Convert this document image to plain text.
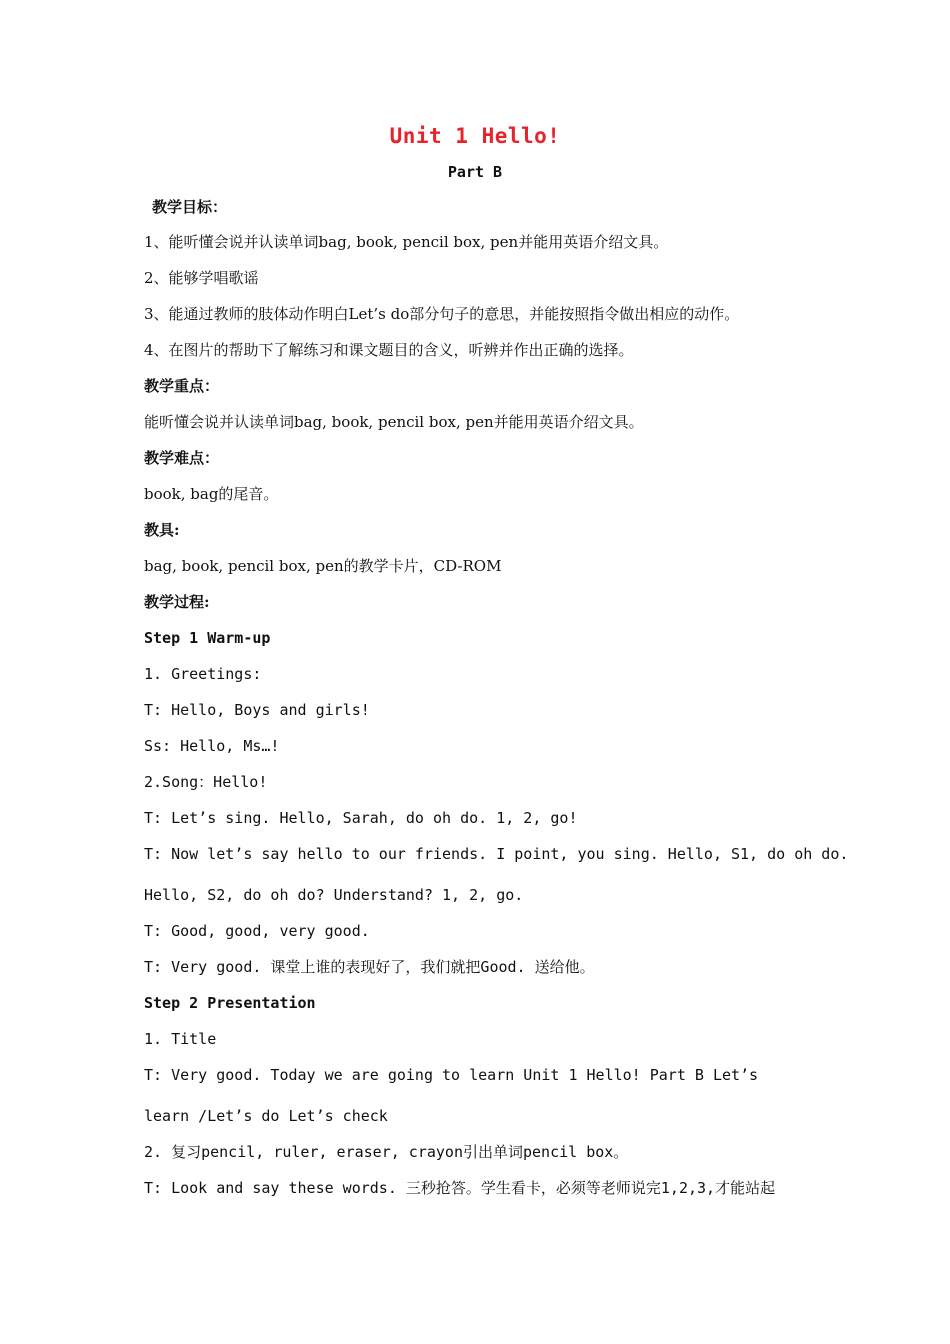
Unit 1 Hello!
Part B
教学目标：
1、能听懂会说并认读单词bag, book, pencil box, pen并能用英语介绍文具。
2、能够学唱歌谣
3、能通过教师的肢体动作明白Let’s do部分句子的意思，并能按照指令做出相应的动作。
4、在图片的帮助下了解练习和课文题目的含义，听辨并作出正确的选择。
教学重点：
能听懂会说并认读单词bag, book, pencil box, pen并能用英语介绍文具。
教学难点：
book, bag的尾音。
教具:
bag, book, pencil box, pen的教学卡片，CD-ROM
教学过程:
Step 1 Warm-up
1. Greetings:
T: Hello, Boys and girls!
Ss: Hello, Ms…!
2.Song：Hello!
T: Let’s sing. Hello, Sarah, do oh do. 1, 2, go!
T: Now let’s say hello to our friends. I point, you sing. Hello, S1, do oh do.
Hello, S2, do oh do? Understand? 1, 2, go.
T: Good, good, very good.
T: Very good. 课堂上谁的表现好了，我们就把Good. 送给他。
Step 2 Presentation
1. Title
T: Very good. Today we are going to learn Unit 1 Hello! Part B Let’s
learn /Let’s do Let’s check
2. 复习pencil, ruler, eraser, crayon引出单词pencil box。
T: Look and say these words. 三秒抢答。学生看卡，必须等老师说完1,2,3,才能站起
